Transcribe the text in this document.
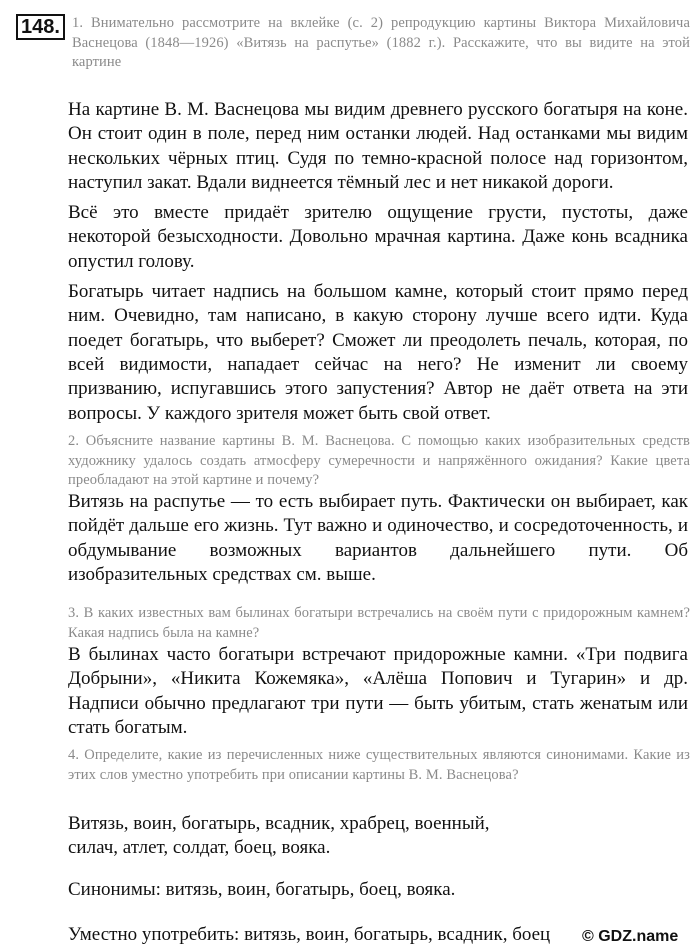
148. 1. Внимательно рассмотрите на вклейке (с. 2) репродукцию картины Виктора Михайловича Васнецова (1848—1926) «Витязь на распутье» (1882 г.). Расскажите, что вы видите на этой картине

На картине В. М. Васнецова мы видим древнего русского богатыря на коне. Он стоит один в поле, перед ним останки людей. Над останками мы видим нескольких чёрных птиц. Судя по темно-красной полосе над горизонтом, наступил закат. Вдали виднеется тёмный лес и нет никакой дороги.

Всё это вместе придаёт зрителю ощущение грусти, пустоты, даже некоторой безысходности. Довольно мрачная картина. Даже конь всадника опустил голову.

Богатырь читает надпись на большом камне, который стоит прямо перед ним. Очевидно, там написано, в какую сторону лучше всего идти. Куда поедет богатырь, что выберет? Сможет ли преодолеть печаль, которая, по всей видимости, нападает сейчас на него? Не изменит ли своему призванию, испугавшись этого запустения? Автор не даёт ответа на эти вопросы. У каждого зрителя может быть свой ответ.

2. Объясните название картины В. М. Васнецова. С помощью каких изобразительных средств художнику удалось создать атмосферу сумеречности и напряжённого ожидания? Какие цвета преобладают на этой картине и почему?
Витязь на распутье — то есть выбирает путь. Фактически он выбирает, как пойдёт дальше его жизнь. Тут важно и одиночество, и сосредоточенность, и обдумывание возможных вариантов дальнейшего пути. Об изобразительных средствах см. выше.
3. В каких известных вам былинах богатыри встречались на своём пути с придорожным камнем? Какая надпись была на камне?
В былинах часто богатыри встречают придорожные камни. «Три подвига Добрыни», «Никита Кожемяка», «Алёша Попович и Тугарин» и др. Надписи обычно предлагают три пути — быть убитым, стать женатым или стать богатым.
4. Определите, какие из перечисленных ниже существительных являются синонимами. Какие из этих слов уместно употребить при описании картины В. М. Васнецова?
Витязь, воин, богатырь, всадник, храбрец, военный,
силач, атлет, солдат, боец, вояка.
Синонимы: витязь, воин, богатырь, боец, вояка.
Уместно употребить: витязь, воин, богатырь, всадник, боец © GDZ.name
